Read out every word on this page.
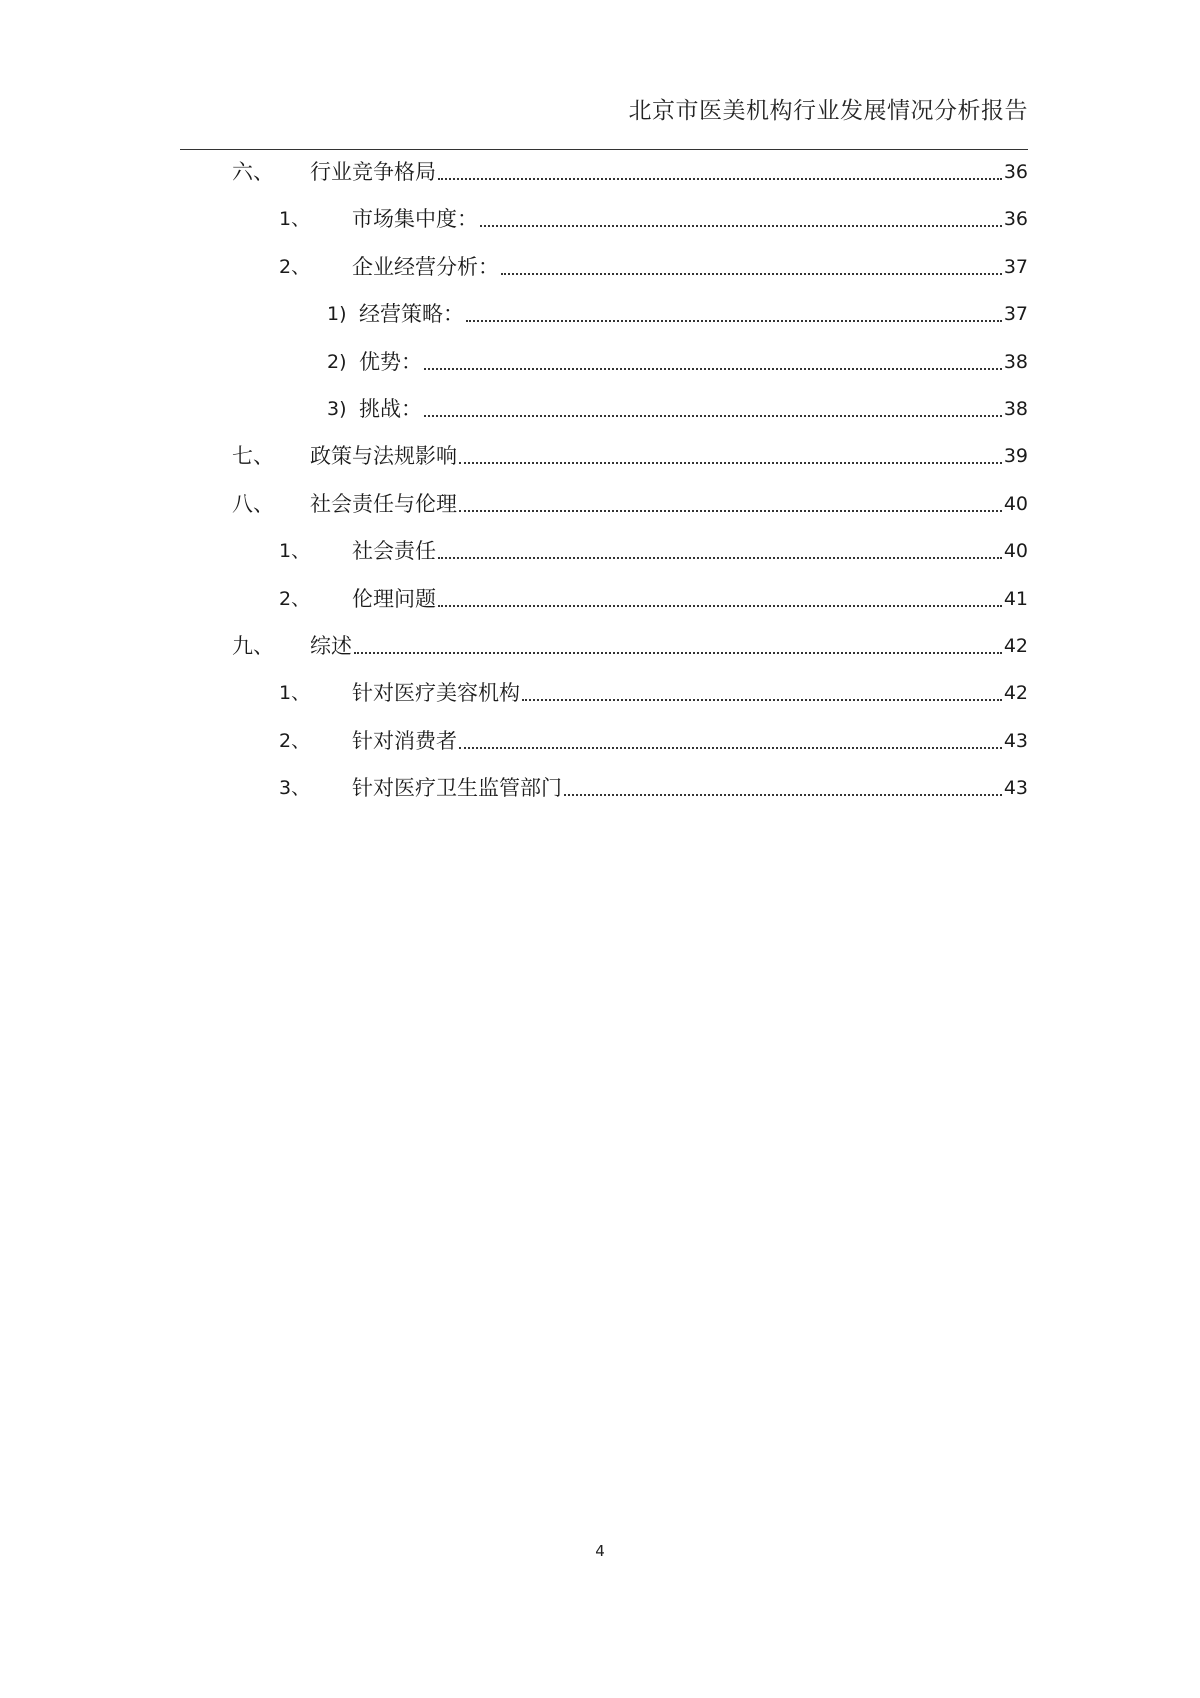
北京市医美机构行业发展情况分析报告
六、	行业竞争格局	36
1、	市场集中度：	36
2、	企业经营分析：	37
1) 经营策略：	37
2) 优势：	38
3) 挑战：	38
七、	政策与法规影响	39
八、	社会责任与伦理	40
1、	社会责任	40
2、	伦理问题	41
九、	综述	42
1、	针对医疗美容机构	42
2、	针对消费者	43
3、	针对医疗卫生监管部门	43
4
